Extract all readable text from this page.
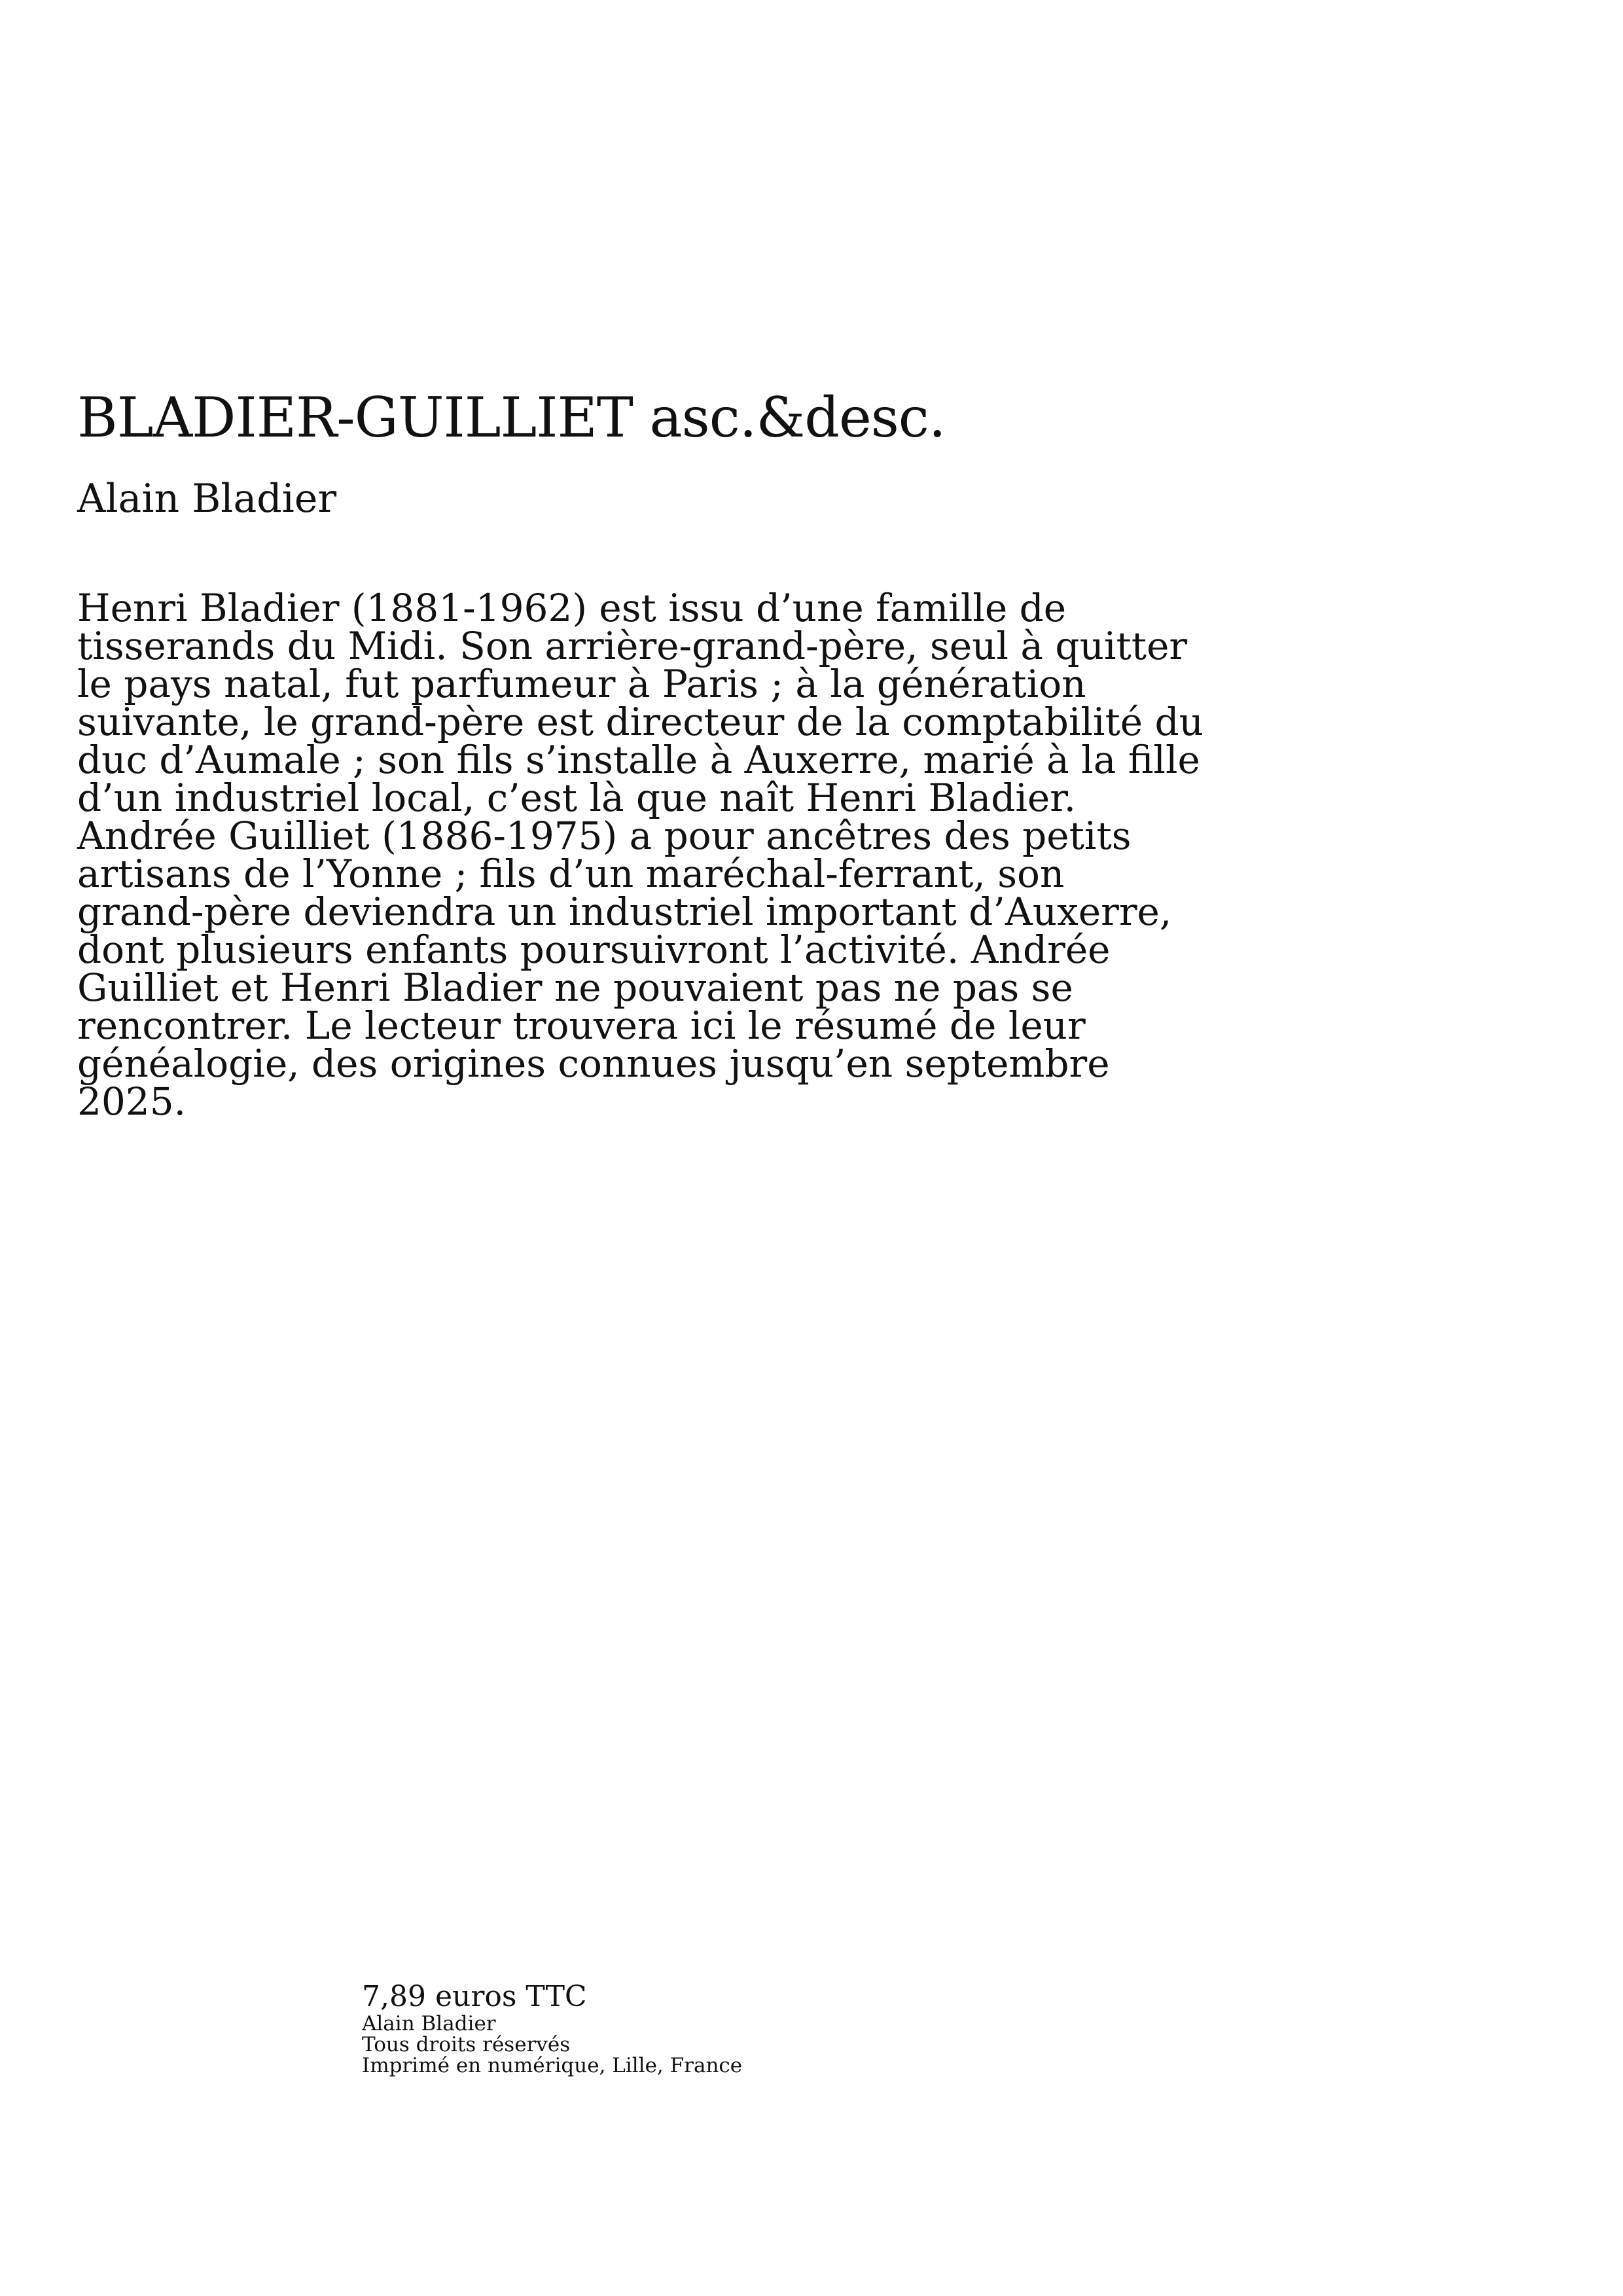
BLADIER-GUILLIET asc.&desc.
Alain Bladier
Henri Bladier (1881-1962) est issu d’une famille de
tisserands du Midi. Son arrière-grand-père, seul à quitter
le pays natal, fut parfumeur à Paris ; à la génération
suivante, le grand-père est directeur de la comptabilité du
duc d’Aumale ; son fils s’installe à Auxerre, marié à la fille
d’un industriel local, c’est là que naît Henri Bladier.
Andrée Guilliet (1886-1975) a pour ancêtres des petits
artisans de l’Yonne ; fils d’un maréchal-ferrant, son
grand-père deviendra un industriel important d’Auxerre,
dont plusieurs enfants poursuivront l’activité. Andrée
Guilliet et Henri Bladier ne pouvaient pas ne pas se
rencontrer. Le lecteur trouvera ici le résumé de leur
généalogie, des origines connues jusqu’en septembre
2025.
7,89 euros TTC
Alain Bladier
Tous droits réservés
Imprimé en numérique, Lille, France
